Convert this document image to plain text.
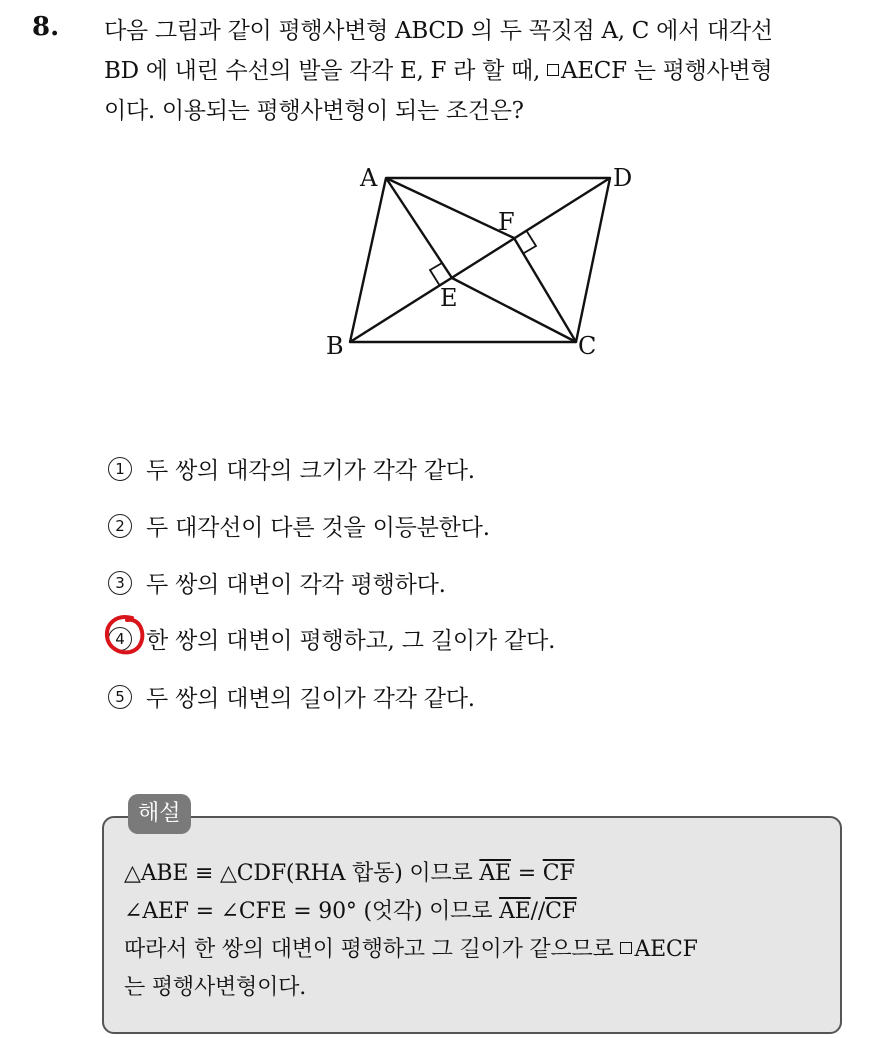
8. 다음 그림과 같이 평행사변형 ABCD 의 두 꼭짓점 A, C 에서 대각선
BD 에 내린 수선의 발을 각각 E, F 라 할 때, AECF 는 평행사변형
이다. 이용되는 평행사변형이 되는 조건은?
A	D
B	C
E
F
1 두 쌍의 대각의 크기가 각각 같다.
2 두 대각선이 다른 것을 이등분한다.
3 두 쌍의 대변이 각각 평행하다.
4 한 쌍의 대변이 평행하고, 그 길이가 같다.
5 두 쌍의 대변의 길이가 각각 같다.
해설
△ABE ≡ △CDF(RHA 합동) 이므로 $\overline{AE} = \overline{CF}$
∠AEF = ∠CFE = 90° (엇각) 이므로 $\overline{AE}//\overline{CF}$
따라서 한 쌍의 대변이 평행하고 그 길이가 같으므로 AECF
는 평행사변형이다.
